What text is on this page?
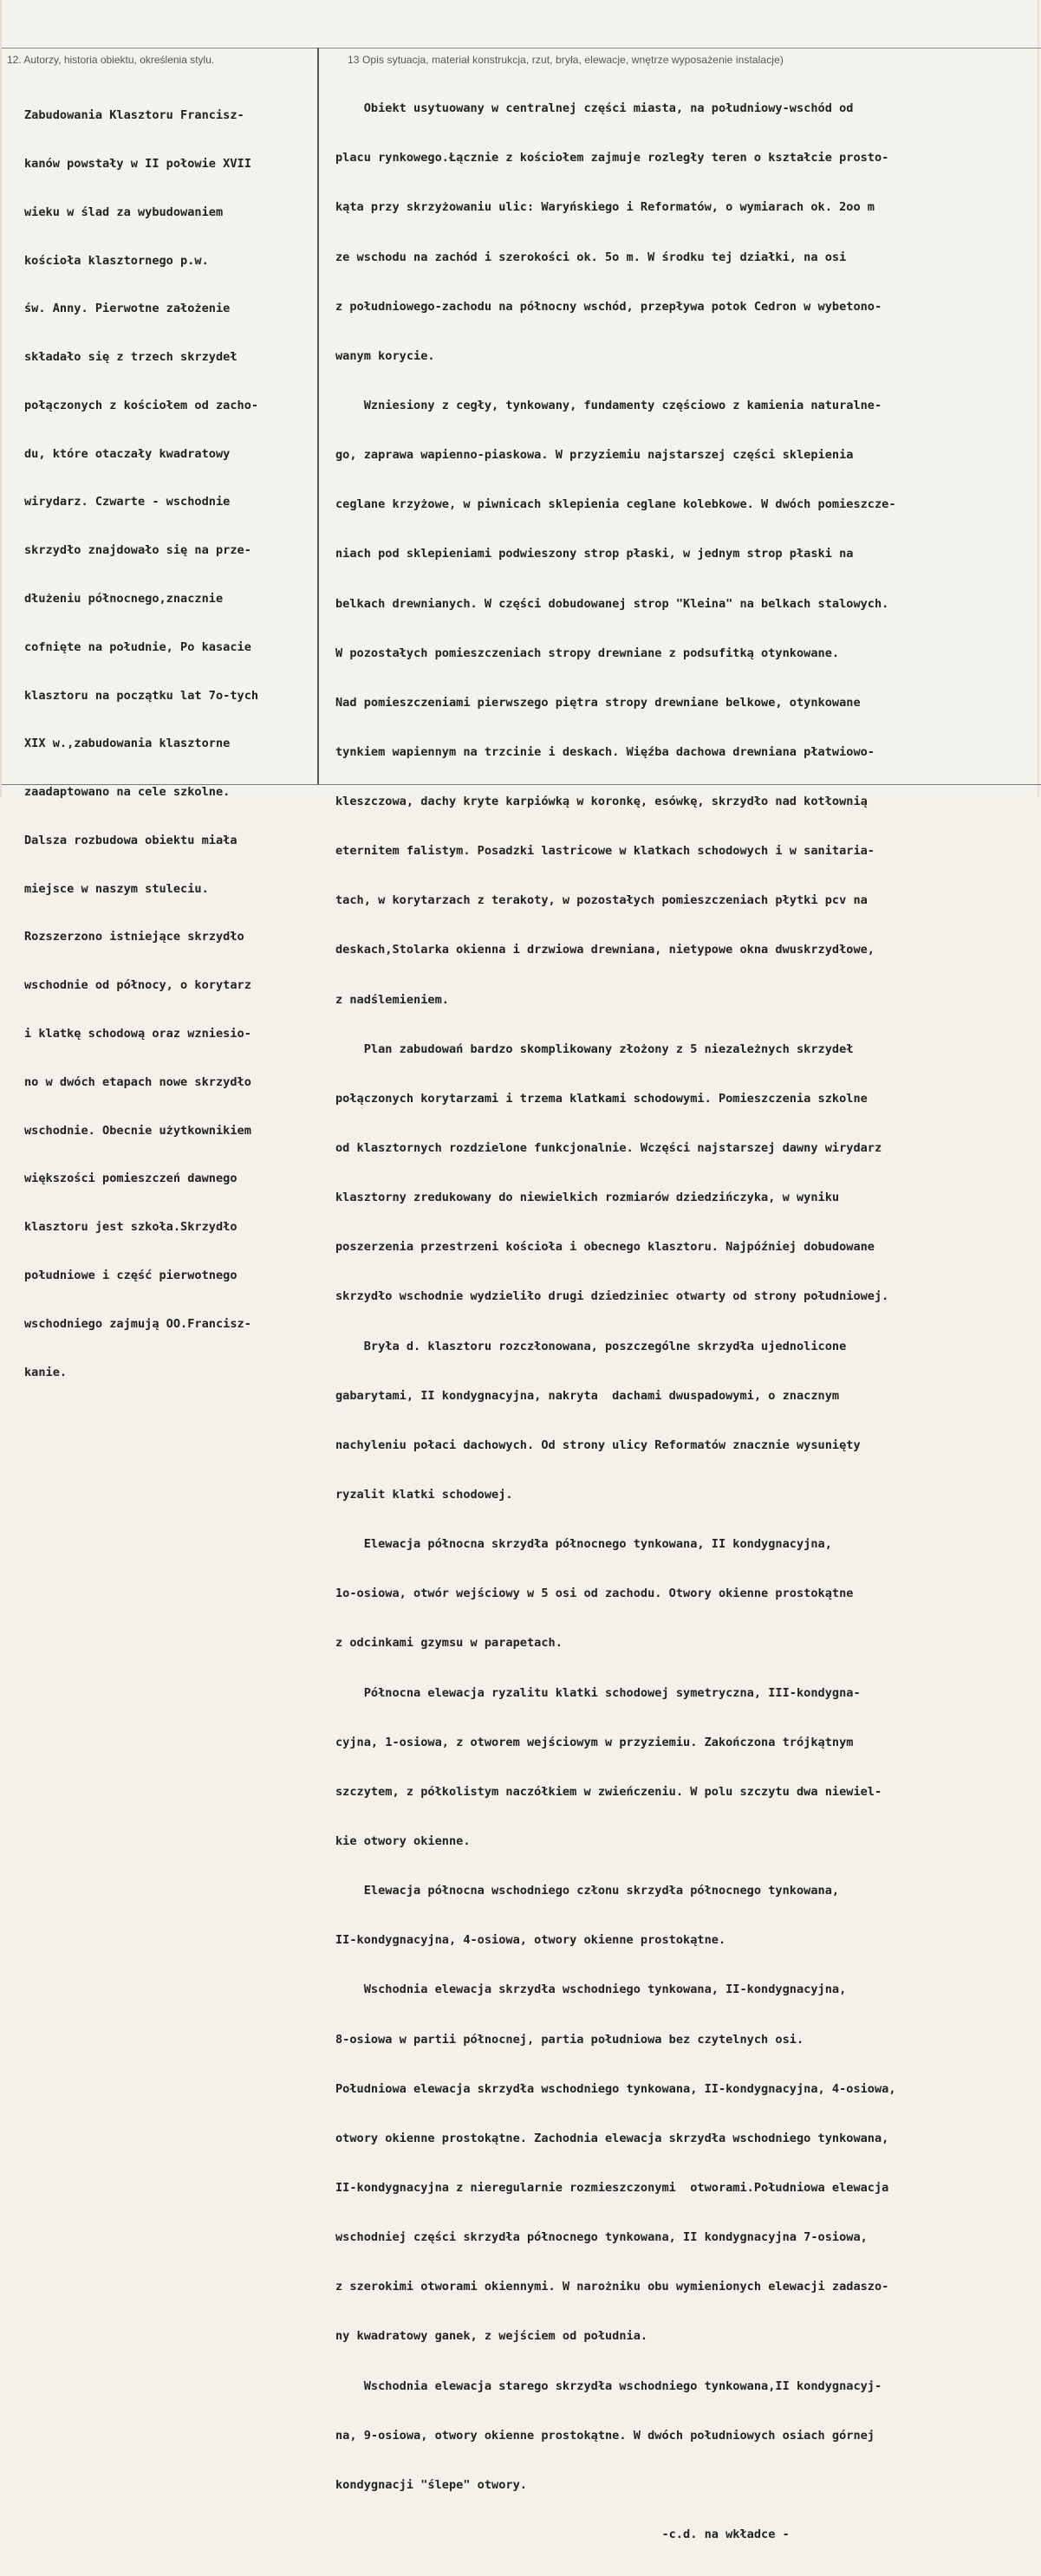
12. Autorzy, historia obiektu, określenia stylu.	13 Opis sytuacja, materiał konstrukcja, rzut, bryła, elewacje, wnętrze wyposażenie instalacje)

Zabudowania Klasztoru Francisz-

kanów powstały w II połowie XVII

wieku w ślad za wybudowaniem

kościoła klasztornego p.w.

św. Anny. Pierwotne założenie

składało się z trzech skrzydeł

połączonych z kościołem od zacho-

du, które otaczały kwadratowy

wirydarz. Czwarte - wschodnie

skrzydło znajdowało się na prze-

dłużeniu północnego,znacznie

cofnięte na południe, Po kasacie

klasztoru na początku lat 7o-tych

XIX w.,zabudowania klasztorne

zaadaptowano na cele szkolne.

Dalsza rozbudowa obiektu miała

miejsce w naszym stuleciu.

Rozszerzono istniejące skrzydło

wschodnie od północy, o korytarz

i klatkę schodową oraz wzniesio-

no w dwóch etapach nowe skrzydło

wschodnie. Obecnie użytkownikiem

większości pomieszczeń dawnego

klasztoru jest szkoła.Skrzydło

południowe i część pierwotnego

wschodniego zajmują OO.Francisz-

kanie.

Obiekt usytuowany w centralnej części miasta, na południowy-wschód od

placu rynkowego.Łącznie z kościołem zajmuje rozległy teren o kształcie prosto-

kąta przy skrzyżowaniu ulic: Waryńskiego i Reformatów, o wymiarach ok. 2oo m

ze wschodu na zachód i szerokości ok. 5o m. W środku tej działki, na osi

z południowego-zachodu na północny wschód, przepływa potok Cedron w wybetono-

wanym korycie.

Wzniesiony z cegły, tynkowany, fundamenty częściowo z kamienia naturalne-

go, zaprawa wapienno-piaskowa. W przyziemiu najstarszej części sklepienia

ceglane krzyżowe, w piwnicach sklepienia ceglane kolebkowe. W dwóch pomieszcze-

niach pod sklepieniami podwieszony strop płaski, w jednym strop płaski na

belkach drewnianych. W części dobudowanej strop "Kleina" na belkach stalowych.

W pozostałych pomieszczeniach stropy drewniane z podsufitką otynkowane.

Nad pomieszczeniami pierwszego piętra stropy drewniane belkowe, otynkowane

tynkiem wapiennym na trzcinie i deskach. Więźba dachowa drewniana płatwiowo-

kleszczowa, dachy kryte karpiówką w koronkę, esówkę, skrzydło nad kotłownią

eternitem falistym. Posadzki lastricowe w klatkach schodowych i w sanitaria-

tach, w korytarzach z terakoty, w pozostałych pomieszczeniach płytki pcv na

deskach,Stolarka okienna i drzwiowa drewniana, nietypowe okna dwuskrzydłowe,

z nadślemieniem.

Plan zabudowań bardzo skomplikowany złożony z 5 niezależnych skrzydeł

połączonych korytarzami i trzema klatkami schodowymi. Pomieszczenia szkolne

od klasztornych rozdzielone funkcjonalnie. Wczęści najstarszej dawny wirydarz

klasztorny zredukowany do niewielkich rozmiarów dziedzińczyka, w wyniku

poszerzenia przestrzeni kościoła i obecnego klasztoru. Najpóźniej dobudowane

skrzydło wschodnie wydzieliło drugi dziedziniec otwarty od strony południowej.

Bryła d. klasztoru rozczłonowana, poszczególne skrzydła ujednolicone

gabarytami, II kondygnacyjna, nakryta  dachami dwuspadowymi, o znacznym

nachyleniu połaci dachowych. Od strony ulicy Reformatów znacznie wysunięty

ryzalit klatki schodowej.

Elewacja północna skrzydła północnego tynkowana, II kondygnacyjna,

1o-osiowa, otwór wejściowy w 5 osi od zachodu. Otwory okienne prostokątne

z odcinkami gzymsu w parapetach.

Północna elewacja ryzalitu klatki schodowej symetryczna, III-kondygna-

cyjna, 1-osiowa, z otworem wejściowym w przyziemiu. Zakończona trójkątnym

szczytem, z półkolistym naczółkiem w zwieńczeniu. W polu szczytu dwa niewiel-

kie otwory okienne.

Elewacja północna wschodniego członu skrzydła północnego tynkowana,

II-kondygnacyjna, 4-osiowa, otwory okienne prostokątne.

Wschodnia elewacja skrzydła wschodniego tynkowana, II-kondygnacyjna,

8-osiowa w partii północnej, partia południowa bez czytelnych osi.

Południowa elewacja skrzydła wschodniego tynkowana, II-kondygnacyjna, 4-osiowa,

otwory okienne prostokątne. Zachodnia elewacja skrzydła wschodniego tynkowana,

II-kondygnacyjna z nieregularnie rozmieszczonymi  otworami.Południowa elewacja

wschodniej części skrzydła północnego tynkowana, II kondygnacyjna 7-osiowa,

z szerokimi otworami okiennymi. W narożniku obu wymienionych elewacji zadaszo-

ny kwadratowy ganek, z wejściem od południa.

Wschodnia elewacja starego skrzydła wschodniego tynkowana,II kondygnacyj-

na, 9-osiowa, otwory okienne prostokątne. W dwóch południowych osiach górnej

kondygnacji "ślepe" otwory.

-c.d. na wkładce -
